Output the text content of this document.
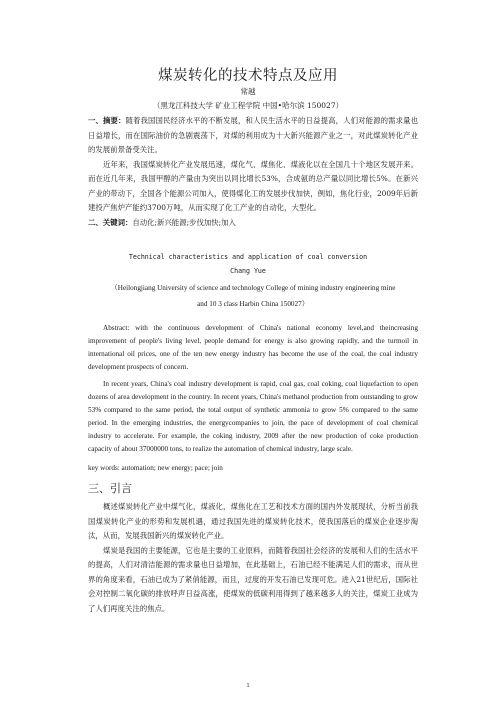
煤炭转化的技术特点及应用
常越
（黑龙江科技大学 矿业工程学院 中国•哈尔滨 150027）
一、摘要：随着我国国民经济水平的不断发展，和人民生活水平的日益提高，人们对能源的需求量也日益增长，而在国际油价的急剧震荡下，对煤的利用成为十大新兴能源产业之一，对此煤炭转化产业的发展前景备受关注。
近年来，我国煤炭转化产业发展迅速，煤化气、煤焦化、煤液化以在全国几十个地区发展开来。而在近几年来，我国甲醇的产量由为突出以同比增长53%，合成氨的总产量以同比增长5%。在新兴产业的带动下，全国各个能源公司加入，使得煤化工的发展步伐加快，例如，焦化行业，2009年后新建投产焦炉产能约3700万吨，从而实现了化工产业的自动化，大型化。
二、关键词：自动化;新兴能源;步伐加快;加入
Technical characteristics and application of coal conversion
Chang Yue
（Heilongjiang University of science and technology College of mining industry engineering mine and 10 3 class Harbin China 150027）
Abstract: with the continuous development of China's national economy level,and theincreasing improvement of people's living level, people demand for energy is also growing rapidly, and the turmoil in international oil prices, one of the ten new energy industry has become the use of the coal, the coal industry development prospects of concern.
In recent years, China's coal industry development is rapid, coal gas, coal coking, coal liquefaction to open dozens of area development in the country. In recent years, China's methanol production from outstanding to grow 53% compared to the same period, the total output of synthetic ammonia to grow 5% compared to the same period. In the emerging industries, the energycompanies to join, the pace of development of coal chemical industry to accelerate. For example, the coking industry, 2009 after the new production of coke production capacity of about 37000000 tons, to realize the automation of chemical industry, large scale.
key words: automation; new energy; pace; join
三、引言
概述煤炭转化产业中煤气化，煤液化，煤焦化在工艺和技术方面的国内外发展现状，分析当前我国煤炭转化产业的形势和发展机遇，通过我国先进的煤炭转化技术，使我国落后的煤炭企业逐步淘汰，从而，发展我国新兴的煤炭转化产业。
煤炭是我国的主要能源，它也是主要的工业原料，而随着我国社会经济的发展和人们的生活水平的提高，人们对清洁能源的需求量也日益增加，在此基础上，石油已经不能满足人们的需求，而从世界的角度来看，石油已成为了紧俏能源，而且，过度的开发石油已发现可危。进入21世纪后，国际社会对控制二氧化碳的排放呼声日益高涨，使煤炭的低碳利用得到了越来越多人的关注，煤炭工业成为了人们再度关注的焦点。
1
